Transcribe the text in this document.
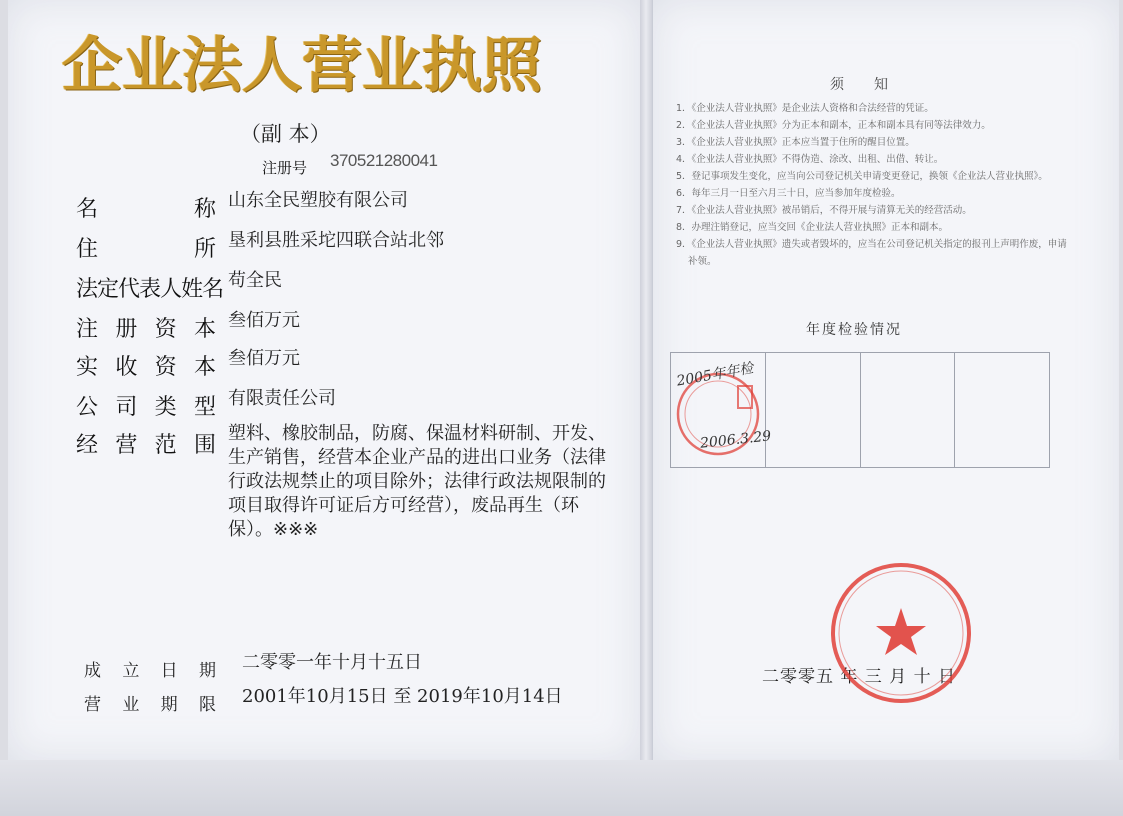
企业法人营业执照
（副 本）
注册号 370521280041
名	称 山东全民塑胶有限公司
住	所 垦利县胜采坨四联合站北邻
法 定 代 表 人 姓 名 苟全民
注 册 资 本 叁佰万元
实 收 资 本 叁佰万元
公 司 类 型 有限责任公司
经 营 范 围 塑料、橡胶制品，防腐、保温材料研制、开发、生产销售，经营本企业产品的进出口业务（法律行政法规禁止的项目除外；法律行政法规限制的项目取得许可证后方可经营），废品再生（环保）。※※※
成 立 日 期 二零零一年十月十五日
营 业 期 限 2001年10月15日 至 2019年10月14日
须知
1．《企业法人营业执照》是企业法人资格和合法经营的凭证。
2．《企业法人营业执照》分为正本和副本，正本和副本具有同等法律效力。
3．《企业法人营业执照》正本应当置于住所的醒目位置。
4．《企业法人营业执照》不得伪造、涂改、出租、出借、转让。
5．登记事项发生变化，应当向公司登记机关申请变更登记，换领《企业法人营业执照》。
6．每年三月一日至六月三十日，应当参加年度检验。
7．《企业法人营业执照》被吊销后，不得开展与清算无关的经营活动。
8．办理注销登记，应当交回《企业法人营业执照》正本和副本。
9．《企业法人营业执照》遗失或者毁坏的，应当在公司登记机关指定的报刊上声明作废，申请补领。
年度检验情况
2005年年检
2006.3.29
二零零五 年 三 月 十 日
